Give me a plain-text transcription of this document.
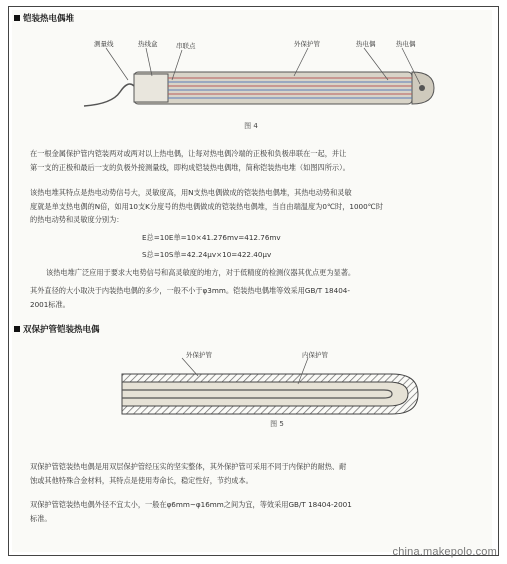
铠装热电偶堆
测量线	热线盒	串联点	外保护管	热电偶	热电偶
图 4

在一根金属保护管内铠装两对或两对以上热电偶，让每对热电偶冷端的正极和负极串联在一起，并让
第一支的正极和最后一支的负极外接测量线，即构成铠装热电偶堆，简称铠装热电堆（如图四所示）。

该热电堆其特点是热电动势信号大，灵敏度高，用N支热电偶做成的铠装热电偶堆，其热电动势和灵敏
度就是单支热电偶的N倍，如用10支K分度号的热电偶做成的铠装热电偶堆，当自由端温度为0℃时，1000℃时
的热电动势和灵敏度分别为：

E总=10E单=10×41.276mv=412.76mv
S总=10S单=42.24μv×10=422.40μv

该热电堆广泛应用于要求大电势信号和高灵敏度的地方，对于低精度的检测仪器其优点更为显著。

其外直径的大小取决于内装热电偶的多少，一般不小于φ3mm。铠装热电偶堆等效采用GB/T 18404-
2001标准。

双保护管铠装热电偶
外保护管	内保护管
图 5

双保护管铠装热电偶是用双层保护管经压实的坚实整体，其外保护管可采用不同于内保护的耐热、耐
蚀或其他特殊合金材料，其特点是使用寿命长，稳定性好，节约成本。

双保护管铠装热电偶外径不宜太小，一般在φ6mm~φ16mm之间为宜，等效采用GB/T 18404-2001
标准。

china.makepolo.com
